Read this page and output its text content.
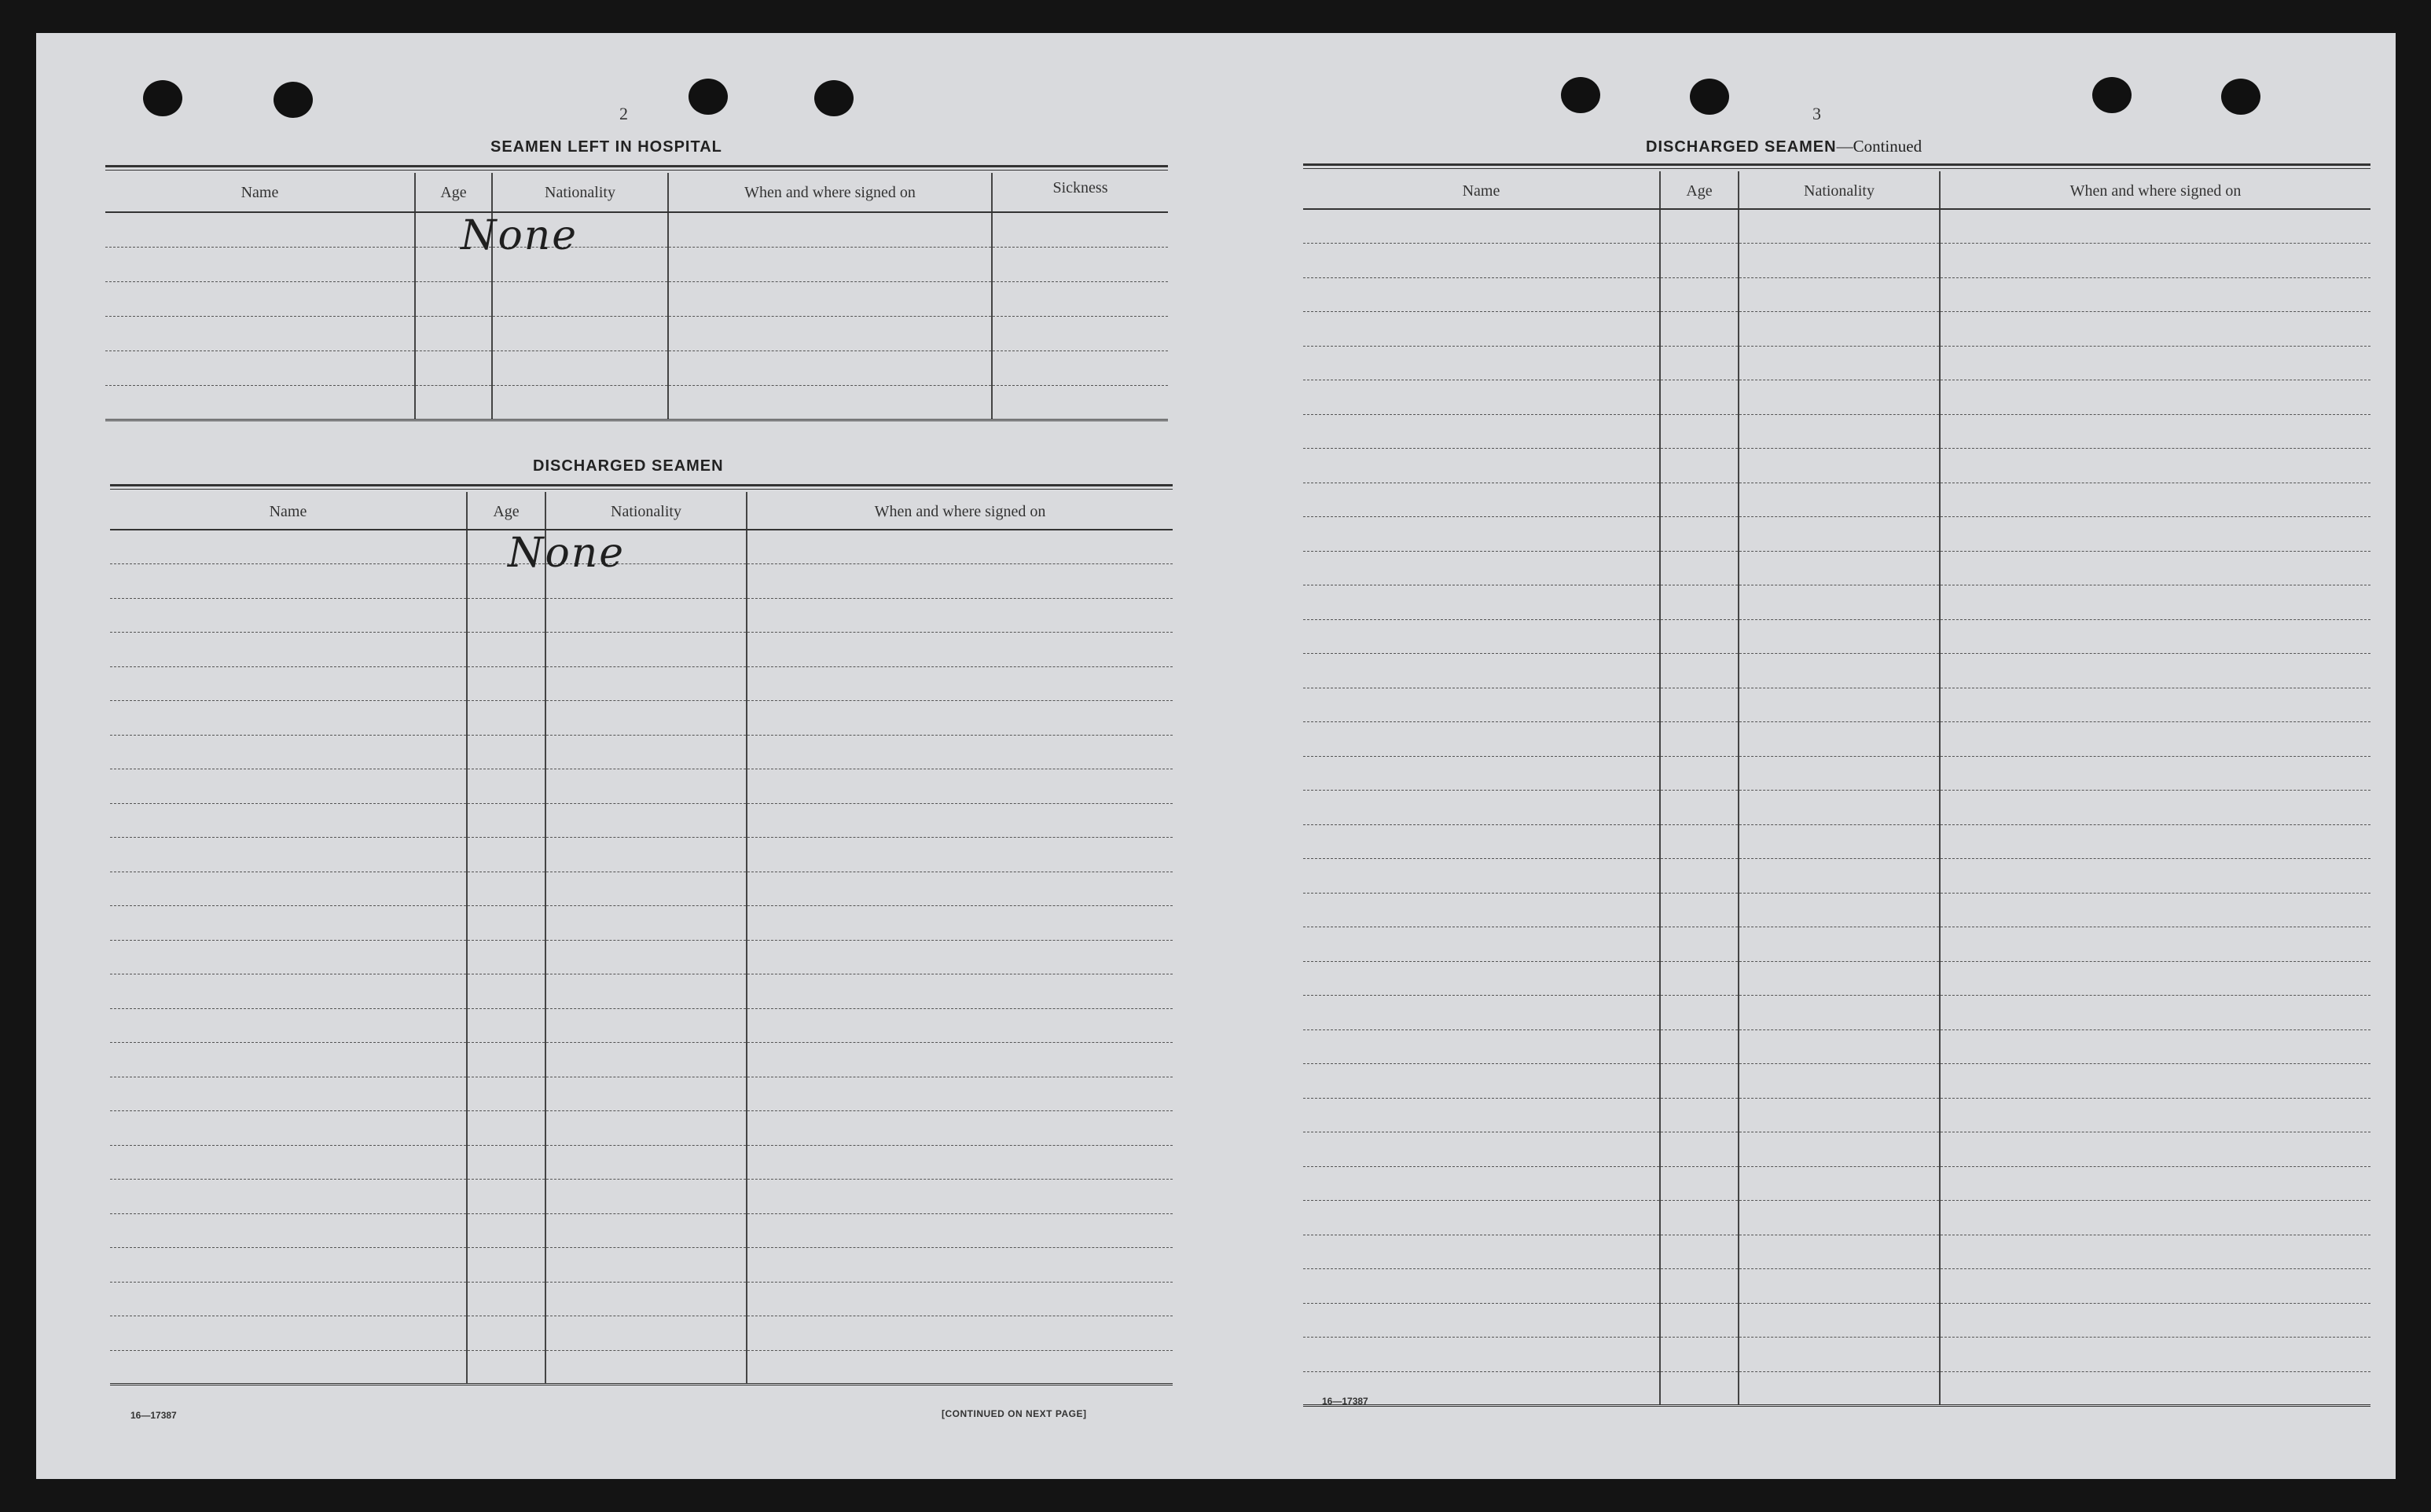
2
SEAMEN LEFT IN HOSPITAL
Name	Age	Nationality	When and where signed on	Sickness

None
DISCHARGED SEAMEN
Name	Age	Nationality	When and where signed on

None
16—17387	[CONTINUED ON NEXT PAGE]
3
DISCHARGED SEAMEN—Continued
Name	Age	Nationality	When and where signed on

16—17387
